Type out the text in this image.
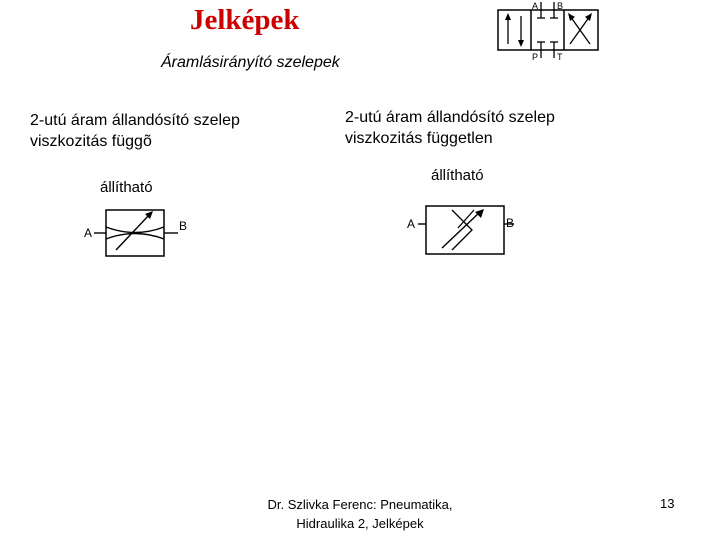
Jelképek	A B
P T
Áramlásirányító szelepek
2-utú áram állandósító szelep
viszkozitás függõ
állítható
A	B
2-utú áram állandósító szelep
viszkozitás független
állítható
A	B
Dr. Szlivka Ferenc: Pneumatika,
Hidraulika 2, Jelképek
13
